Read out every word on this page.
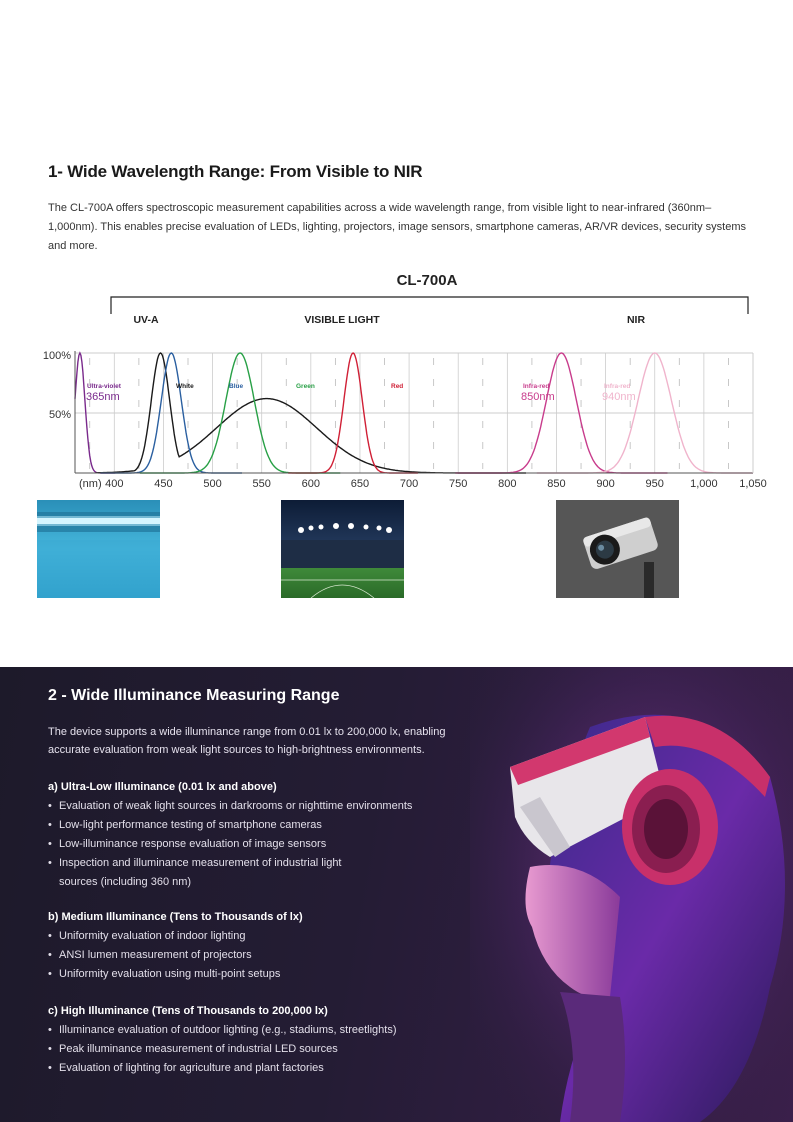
1- Wide Wavelength Range: From Visible to NIR
The CL-700A offers spectroscopic measurement capabilities across a wide wavelength range, from visible light to near-infrared (360nm–1,000nm). This enables precise evaluation of LEDs, lighting, projectors, image sensors, smartphone cameras, AR/VR devices, security systems and more.
CL-700A
UV-A	VISIBLE LIGHT	NIR
(nm)
100%
50%
Ultra-violet
365nm
White	Blue	Green	Red	Infra-red
850nm
Infra-red
940nm
400	450	500	550	600	650	700	750	800	850	900	950 1,000 1,050
2 - Wide Illuminance Measuring Range
The device supports a wide illuminance range from 0.01 lx to 200,000 lx, enabling accurate evaluation from weak light sources to high-brightness environments.
a) Ultra-Low Illuminance (0.01 lx and above)
• Evaluation of weak light sources in darkrooms or nighttime environments
• Low-light performance testing of smartphone cameras
• Low-illuminance response evaluation of image sensors
• Inspection and illuminance measurement of industrial light sources (including 360 nm)
b) Medium Illuminance (Tens to Thousands of lx)
• Uniformity evaluation of indoor lighting
• ANSI lumen measurement of projectors
• Uniformity evaluation using multi-point setups
c) High Illuminance (Tens of Thousands to 200,000 lx)
• Illuminance evaluation of outdoor lighting (e.g., stadiums, streetlights)
• Peak illuminance measurement of industrial LED sources
• Evaluation of lighting for agriculture and plant factories
